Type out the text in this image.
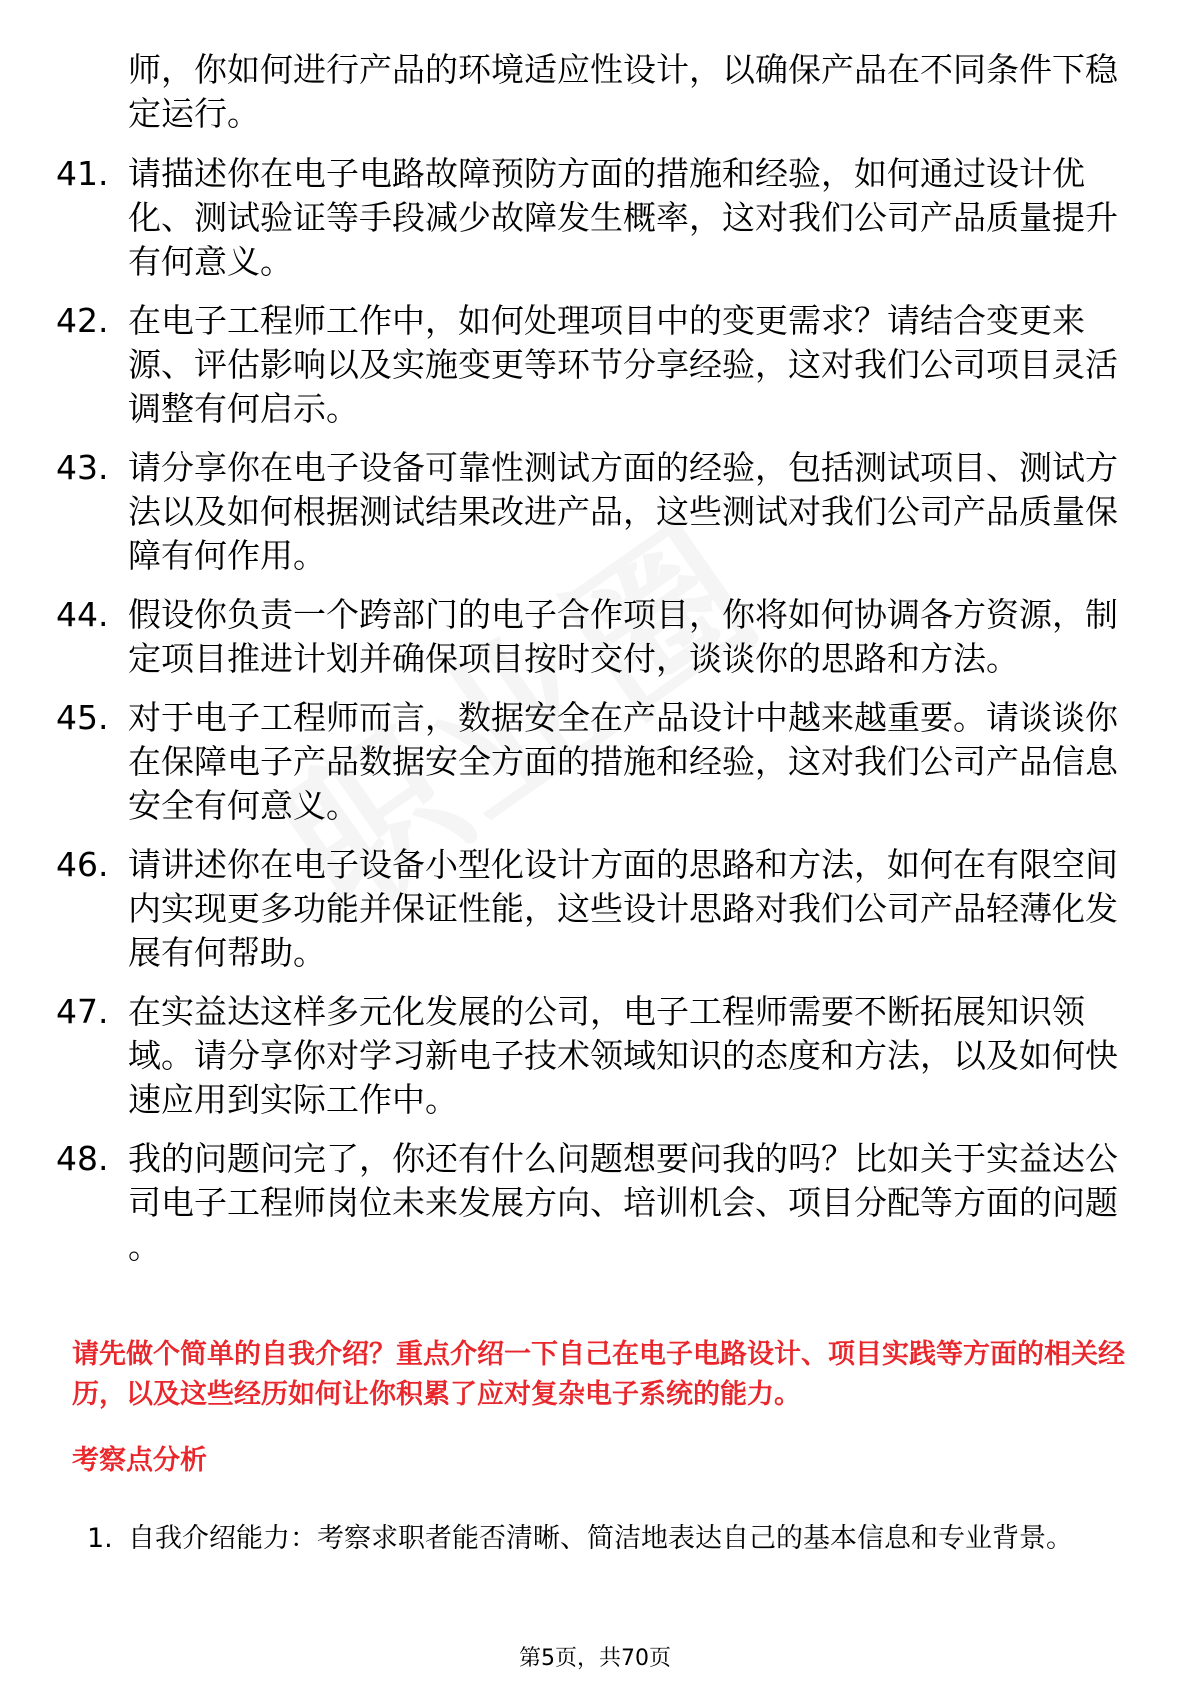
师，你如何进行产品的环境适应性设计，以确保产品在不同条件下稳定运行。
41. 请描述你在电子电路故障预防方面的措施和经验，如何通过设计优化、测试验证等手段减少故障发生概率，这对我们公司产品质量提升有何意义。
42. 在电子工程师工作中，如何处理项目中的变更需求？请结合变更来源、评估影响以及实施变更等环节分享经验，这对我们公司项目灵活调整有何启示。
43. 请分享你在电子设备可靠性测试方面的经验，包括测试项目、测试方法以及如何根据测试结果改进产品，这些测试对我们公司产品质量保障有何作用。
44. 假设你负责一个跨部门的电子合作项目，你将如何协调各方资源，制定项目推进计划并确保项目按时交付，谈谈你的思路和方法。
45. 对于电子工程师而言，数据安全在产品设计中越来越重要。请谈谈你在保障电子产品数据安全方面的措施和经验，这对我们公司产品信息安全有何意义。
46. 请讲述你在电子设备小型化设计方面的思路和方法，如何在有限空间内实现更多功能并保证性能，这些设计思路对我们公司产品轻薄化发展有何帮助。
47. 在实益达这样多元化发展的公司，电子工程师需要不断拓展知识领域。请分享你对学习新电子技术领域知识的态度和方法，以及如何快速应用到实际工作中。
48. 我的问题问完了，你还有什么问题想要问我的吗？比如关于实益达公司电子工程师岗位未来发展方向、培训机会、项目分配等方面的问题 。
请先做个简单的自我介绍？重点介绍一下自己在电子电路设计、项目实践等方面的相关经历，以及这些经历如何让你积累了应对复杂电子系统的能力。
考察点分析
1. 自我介绍能力：考察求职者能否清晰、简洁地表达自己的基本信息和专业背景。
第5页，共70页
